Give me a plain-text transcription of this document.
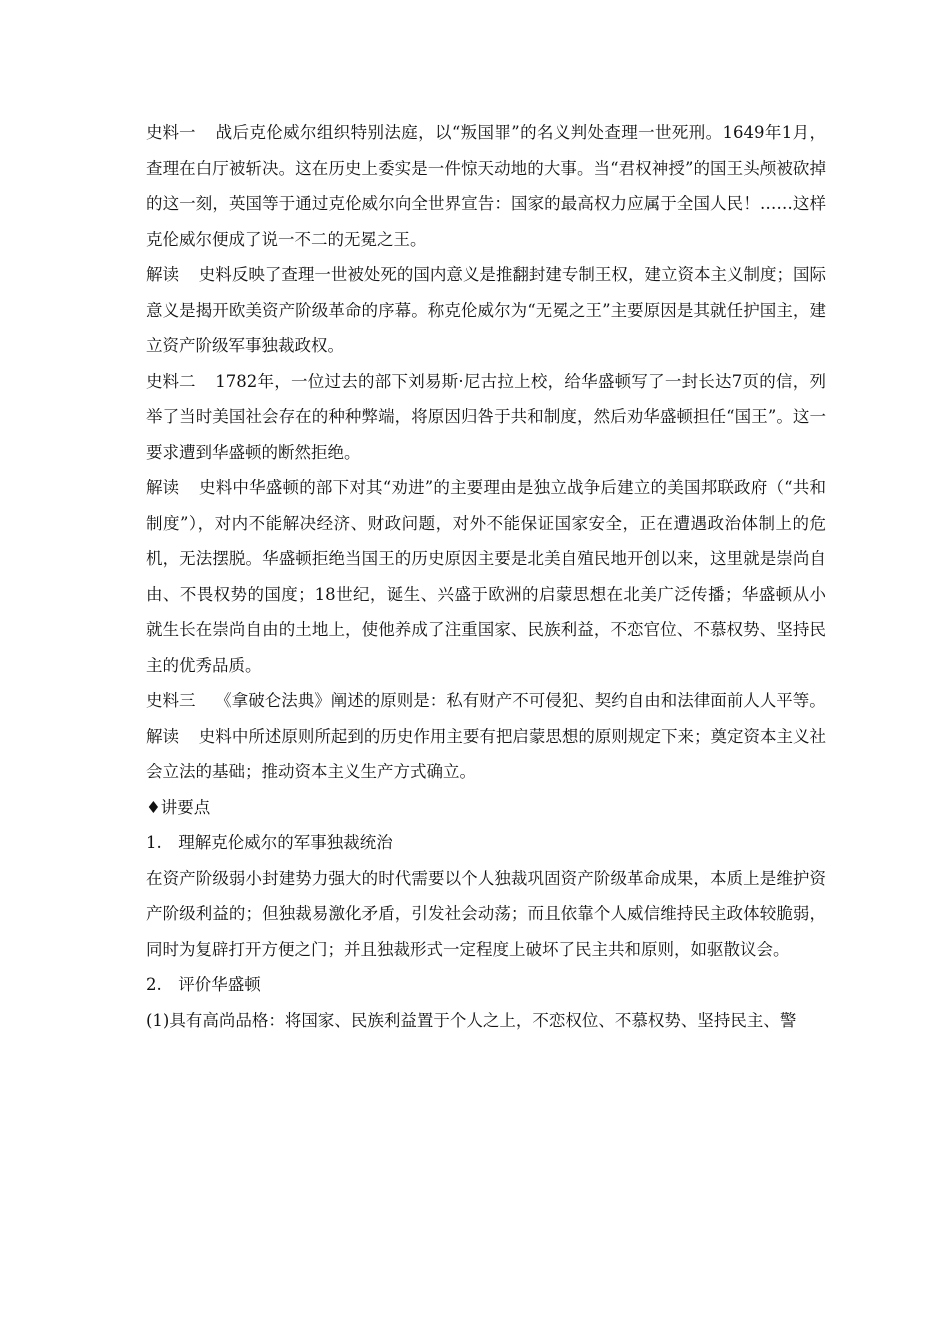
史料一 战后克伦威尔组织特别法庭，以“叛国罪”的名义判处查理一世死刑。1649年1月，查理在白厅被斩决。这在历史上委实是一件惊天动地的大事。当“君权神授”的国王头颅被砍掉的这一刻，英国等于通过克伦威尔向全世界宣告：国家的最高权力应属于全国人民！……这样克伦威尔便成了说一不二的无冕之王。

解读 史料反映了查理一世被处死的国内意义是推翻封建专制王权，建立资本主义制度；国际意义是揭开欧美资产阶级革命的序幕。称克伦威尔为“无冕之王”主要原因是其就任护国主，建立资产阶级军事独裁政权。

史料二 1782年，一位过去的部下刘易斯·尼古拉上校，给华盛顿写了一封长达7页的信，列举了当时美国社会存在的种种弊端，将原因归咎于共和制度，然后劝华盛顿担任“国王”。这一要求遭到华盛顿的断然拒绝。

解读 史料中华盛顿的部下对其“劝进”的主要理由是独立战争后建立的美国邦联政府（“共和制度”），对内不能解决经济、财政问题，对外不能保证国家安全，正在遭遇政治体制上的危机，无法摆脱。华盛顿拒绝当国王的历史原因主要是北美自殖民地开创以来，这里就是崇尚自由、不畏权势的国度；18世纪，诞生、兴盛于欧洲的启蒙思想在北美广泛传播；华盛顿从小就生长在崇尚自由的土地上，使他养成了注重国家、民族利益，不恋官位、不慕权势、坚持民主的优秀品质。

史料三 《拿破仑法典》阐述的原则是：私有财产不可侵犯、契约自由和法律面前人人平等。

解读 史料中所述原则所起到的历史作用主要有把启蒙思想的原则规定下来；奠定资本主义社会立法的基础；推动资本主义生产方式确立。

♦讲要点

1.　理解克伦威尔的军事独裁统治

在资产阶级弱小封建势力强大的时代需要以个人独裁巩固资产阶级革命成果，本质上是维护资产阶级利益的；但独裁易激化矛盾，引发社会动荡；而且依靠个人威信维持民主政体较脆弱，同时为复辟打开方便之门；并且独裁形式一定程度上破坏了民主共和原则，如驱散议会。

2.　评价华盛顿

(1)具有高尚品格：将国家、民族利益置于个人之上，不恋权位、不慕权势、坚持民主、警
